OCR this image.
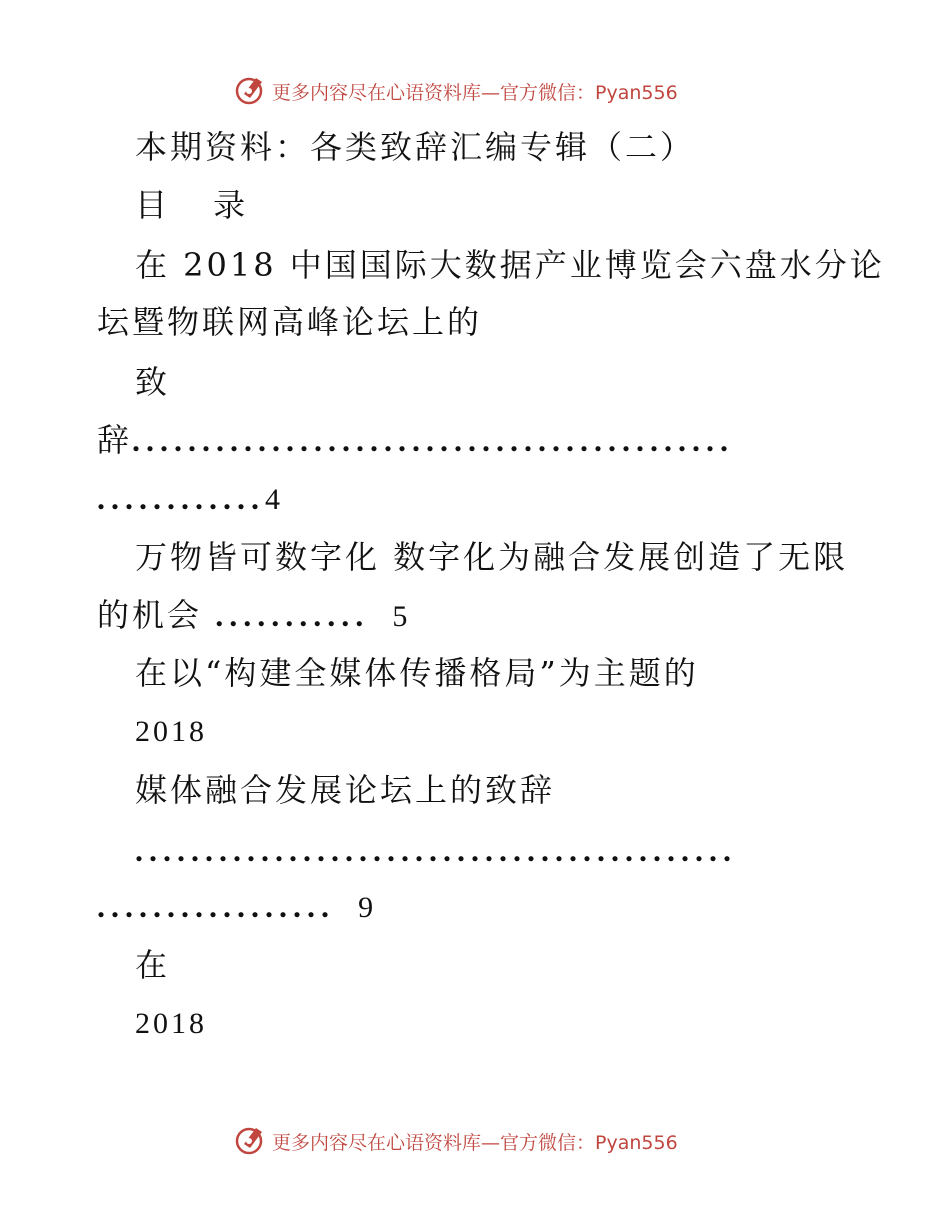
更多内容尽在心语资料库—官方微信：Pyan556
本期资料：各类致辞汇编专辑（二）
目 录
在 2018 中国国际大数据产业博览会六盘水分论
坛暨物联网高峰论坛上的
致
辞...........................................
............4
万物皆可数字化 数字化为融合发展创造了无限
的机会 ........... 5
在以“构建全媒体传播格局”为主题的
2018
媒体融合发展论坛上的致辞
...........................................
................. 9
在
2018
更多内容尽在心语资料库—官方微信：Pyan556
